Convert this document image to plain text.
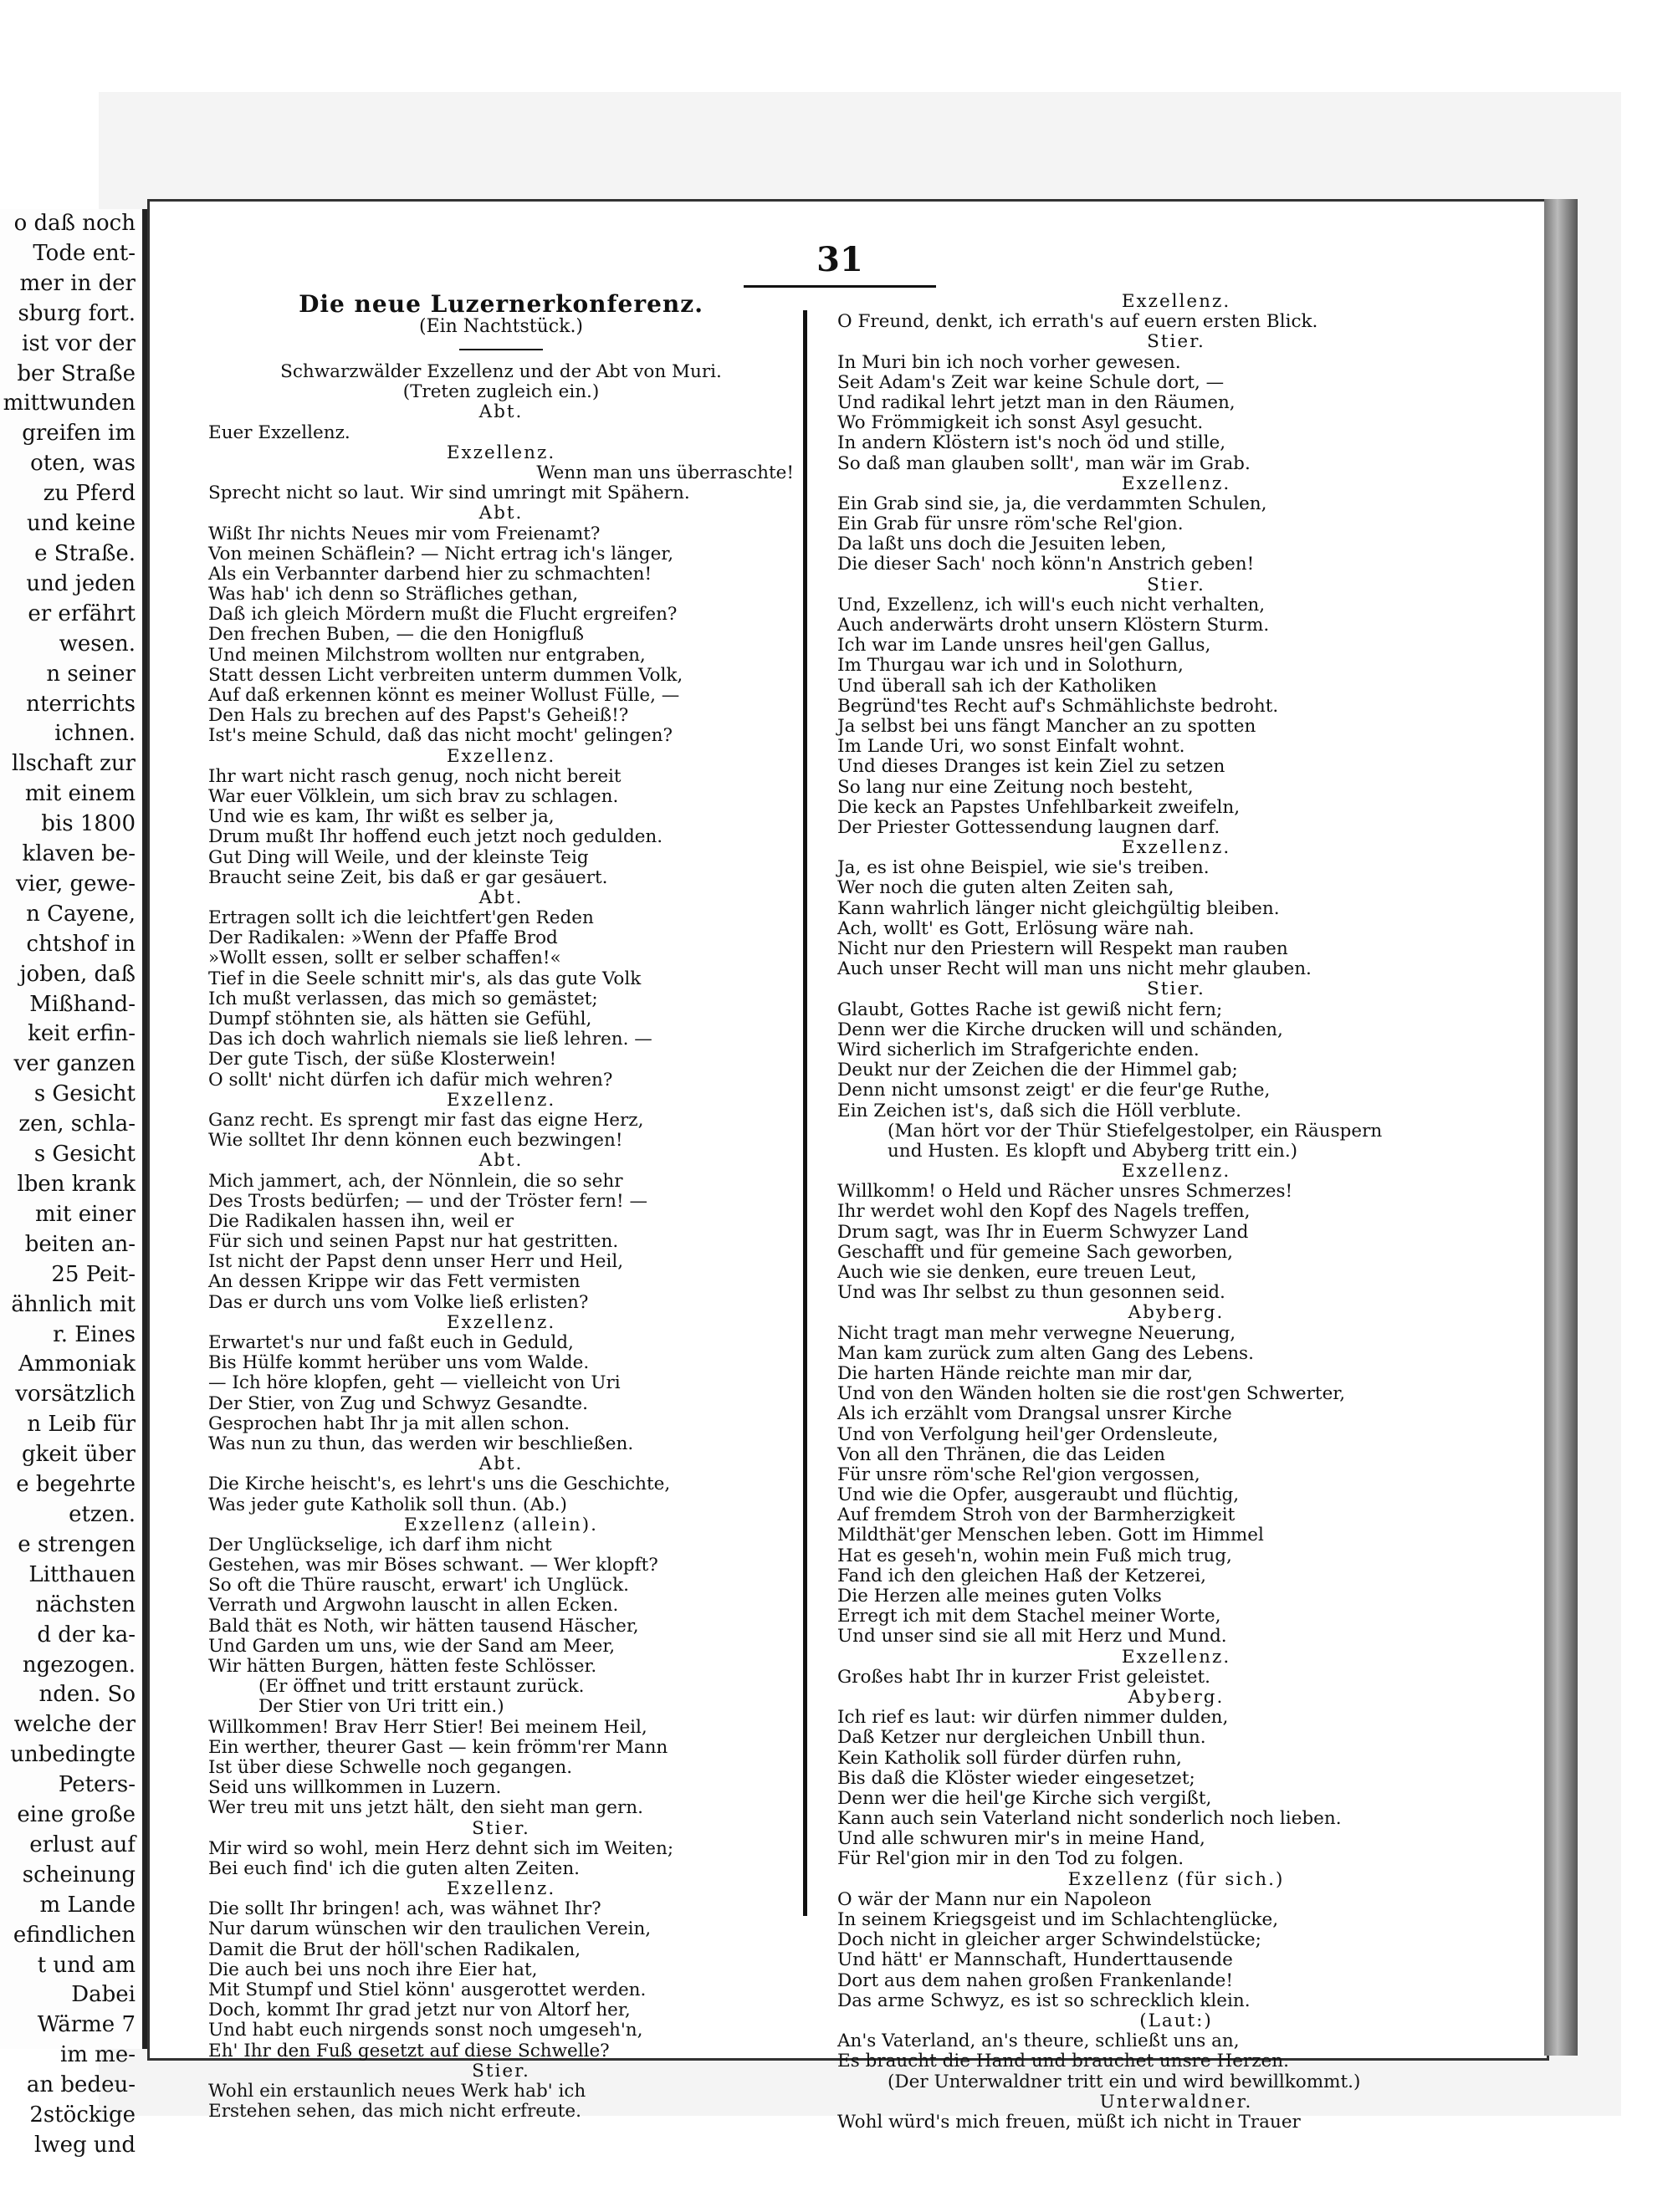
o daß noch
Tode ent-
mer in der
sburg fort.
ist vor der
ber Straße
mittwunden
greifen im
oten, was
zu Pferd
und keine
e Straße.
und jeden
er erfährt
wesen.
n seiner
nterrichts
ichnen.
llschaft zur
mit einem
bis 1800
klaven be-
vier, gewe-
n Cayene,
chtshof in
joben, daß
Mißhand-
keit erfin-
ver ganzen
s Gesicht
zen, schla-
s Gesicht
lben krank
mit einer
beiten an-
25 Peit-
ähnlich mit
r. Eines
Ammoniak
vorsätzlich
n Leib für
gkeit über
e begehrte
etzen.
e strengen
Litthauen
nächsten
d der ka-
ngezogen.
nden. So
welche der
unbedingte
Peters-
eine große
erlust auf
scheinung
m Lande
efindlichen
t und am
Dabei
Wärme 7
im me-
an bedeu-
2stöckige
lweg und
31
Die neue Luzernerkonferenz.
(Ein Nachtstück.)
Schwarzwälder Exzellenz und der Abt von Muri.
(Treten zugleich ein.)
Abt.
Euer Exzellenz.
Exzellenz.
Wenn man uns überraschte!
Sprecht nicht so laut. Wir sind umringt mit Spähern.
Abt.
Wißt Ihr nichts Neues mir vom Freienamt?
Von meinen Schäflein? — Nicht ertrag ich's länger,
Als ein Verbannter darbend hier zu schmachten!
Was hab' ich denn so Sträfliches gethan,
Daß ich gleich Mördern mußt die Flucht ergreifen?
Den frechen Buben, — die den Honigfluß
Und meinen Milchstrom wollten nur entgraben,
Statt dessen Licht verbreiten unterm dummen Volk,
Auf daß erkennen könnt es meiner Wollust Fülle, —
Den Hals zu brechen auf des Papst's Geheiß!?
Ist's meine Schuld, daß das nicht mocht' gelingen?
Exzellenz.
Ihr wart nicht rasch genug, noch nicht bereit
War euer Völklein, um sich brav zu schlagen.
Und wie es kam, Ihr wißt es selber ja,
Drum mußt Ihr hoffend euch jetzt noch gedulden.
Gut Ding will Weile, und der kleinste Teig
Braucht seine Zeit, bis daß er gar gesäuert.
Abt.
Ertragen sollt ich die leichtfert'gen Reden
Der Radikalen: »Wenn der Pfaffe Brod
»Wollt essen, sollt er selber schaffen!«
Tief in die Seele schnitt mir's, als das gute Volk
Ich mußt verlassen, das mich so gemästet;
Dumpf stöhnten sie, als hätten sie Gefühl,
Das ich doch wahrlich niemals sie ließ lehren. —
Der gute Tisch, der süße Klosterwein!
O sollt' nicht dürfen ich dafür mich wehren?
Exzellenz.
Ganz recht. Es sprengt mir fast das eigne Herz,
Wie solltet Ihr denn können euch bezwingen!
Abt.
Mich jammert, ach, der Nönnlein, die so sehr
Des Trosts bedürfen; — und der Tröster fern! —
Die Radikalen hassen ihn, weil er
Für sich und seinen Papst nur hat gestritten.
Ist nicht der Papst denn unser Herr und Heil,
An dessen Krippe wir das Fett vermisten
Das er durch uns vom Volke ließ erlisten?
Exzellenz.
Erwartet's nur und faßt euch in Geduld,
Bis Hülfe kommt herüber uns vom Walde.
— Ich höre klopfen, geht — vielleicht von Uri
Der Stier, von Zug und Schwyz Gesandte.
Gesprochen habt Ihr ja mit allen schon.
Was nun zu thun, das werden wir beschließen.
Abt.
Die Kirche heischt's, es lehrt's uns die Geschichte,
Was jeder gute Katholik soll thun. (Ab.)
Exzellenz (allein).
Der Unglückselige, ich darf ihm nicht
Gestehen, was mir Böses schwant. — Wer klopft?
So oft die Thüre rauscht, erwart' ich Unglück.
Verrath und Argwohn lauscht in allen Ecken.
Bald thät es Noth, wir hätten tausend Häscher,
Und Garden um uns, wie der Sand am Meer,
Wir hätten Burgen, hätten feste Schlösser.
(Er öffnet und tritt erstaunt zurück.
Der Stier von Uri tritt ein.)
Willkommen! Brav Herr Stier! Bei meinem Heil,
Ein werther, theurer Gast — kein frömm'rer Mann
Ist über diese Schwelle noch gegangen.
Seid uns willkommen in Luzern.
Wer treu mit uns jetzt hält, den sieht man gern.
Stier.
Mir wird so wohl, mein Herz dehnt sich im Weiten;
Bei euch find' ich die guten alten Zeiten.
Exzellenz.
Die sollt Ihr bringen! ach, was wähnet Ihr?
Nur darum wünschen wir den traulichen Verein,
Damit die Brut der höll'schen Radikalen,
Die auch bei uns noch ihre Eier hat,
Mit Stumpf und Stiel könn' ausgerottet werden.
Doch, kommt Ihr grad jetzt nur von Altorf her,
Und habt euch nirgends sonst noch umgeseh'n,
Eh' Ihr den Fuß gesetzt auf diese Schwelle?
Stier.
Wohl ein erstaunlich neues Werk hab' ich
Erstehen sehen, das mich nicht erfreute.
Exzellenz.
O Freund, denkt, ich errath's auf euern ersten Blick.
Stier.
In Muri bin ich noch vorher gewesen.
Seit Adam's Zeit war keine Schule dort, —
Und radikal lehrt jetzt man in den Räumen,
Wo Frömmigkeit ich sonst Asyl gesucht.
In andern Klöstern ist's noch öd und stille,
So daß man glauben sollt', man wär im Grab.
Exzellenz.
Ein Grab sind sie, ja, die verdammten Schulen,
Ein Grab für unsre röm'sche Rel'gion.
Da laßt uns doch die Jesuiten leben,
Die dieser Sach' noch könn'n Anstrich geben!
Stier.
Und, Exzellenz, ich will's euch nicht verhalten,
Auch anderwärts droht unsern Klöstern Sturm.
Ich war im Lande unsres heil'gen Gallus,
Im Thurgau war ich und in Solothurn,
Und überall sah ich der Katholiken
Begründ'tes Recht auf's Schmählichste bedroht.
Ja selbst bei uns fängt Mancher an zu spotten
Im Lande Uri, wo sonst Einfalt wohnt.
Und dieses Dranges ist kein Ziel zu setzen
So lang nur eine Zeitung noch besteht,
Die keck an Papstes Unfehlbarkeit zweifeln,
Der Priester Gottessendung laugnen darf.
Exzellenz.
Ja, es ist ohne Beispiel, wie sie's treiben.
Wer noch die guten alten Zeiten sah,
Kann wahrlich länger nicht gleichgültig bleiben.
Ach, wollt' es Gott, Erlösung wäre nah.
Nicht nur den Priestern will Respekt man rauben
Auch unser Recht will man uns nicht mehr glauben.
Stier.
Glaubt, Gottes Rache ist gewiß nicht fern;
Denn wer die Kirche drucken will und schänden,
Wird sicherlich im Strafgerichte enden.
Deukt nur der Zeichen die der Himmel gab;
Denn nicht umsonst zeigt' er die feur'ge Ruthe,
Ein Zeichen ist's, daß sich die Höll verblute.
(Man hört vor der Thür Stiefelgestolper, ein Räuspern
und Husten. Es klopft und Abyberg tritt ein.)
Exzellenz.
Willkomm! o Held und Rächer unsres Schmerzes!
Ihr werdet wohl den Kopf des Nagels treffen,
Drum sagt, was Ihr in Euerm Schwyzer Land
Geschafft und für gemeine Sach geworben,
Auch wie sie denken, eure treuen Leut,
Und was Ihr selbst zu thun gesonnen seid.
Abyberg.
Nicht tragt man mehr verwegne Neuerung,
Man kam zurück zum alten Gang des Lebens.
Die harten Hände reichte man mir dar,
Und von den Wänden holten sie die rost'gen Schwerter,
Als ich erzählt vom Drangsal unsrer Kirche
Und von Verfolgung heil'ger Ordensleute,
Von all den Thränen, die das Leiden
Für unsre röm'sche Rel'gion vergossen,
Und wie die Opfer, ausgeraubt und flüchtig,
Auf fremdem Stroh von der Barmherzigkeit
Mildthät'ger Menschen leben. Gott im Himmel
Hat es geseh'n, wohin mein Fuß mich trug,
Fand ich den gleichen Haß der Ketzerei,
Die Herzen alle meines guten Volks
Erregt ich mit dem Stachel meiner Worte,
Und unser sind sie all mit Herz und Mund.
Exzellenz.
Großes habt Ihr in kurzer Frist geleistet.
Abyberg.
Ich rief es laut: wir dürfen nimmer dulden,
Daß Ketzer nur dergleichen Unbill thun.
Kein Katholik soll fürder dürfen ruhn,
Bis daß die Klöster wieder eingesetzet;
Denn wer die heil'ge Kirche sich vergißt,
Kann auch sein Vaterland nicht sonderlich noch lieben.
Und alle schwuren mir's in meine Hand,
Für Rel'gion mir in den Tod zu folgen.
Exzellenz (für sich.)
O wär der Mann nur ein Napoleon
In seinem Kriegsgeist und im Schlachtenglücke,
Doch nicht in gleicher arger Schwindelstücke;
Und hätt' er Mannschaft, Hunderttausende
Dort aus dem nahen großen Frankenlande!
Das arme Schwyz, es ist so schrecklich klein.
(Laut:)
An's Vaterland, an's theure, schließt uns an,
Es braucht die Hand und brauchet unsre Herzen.
(Der Unterwaldner tritt ein und wird bewillkommt.)
Unterwaldner.
Wohl würd's mich freuen, müßt ich nicht in Trauer
